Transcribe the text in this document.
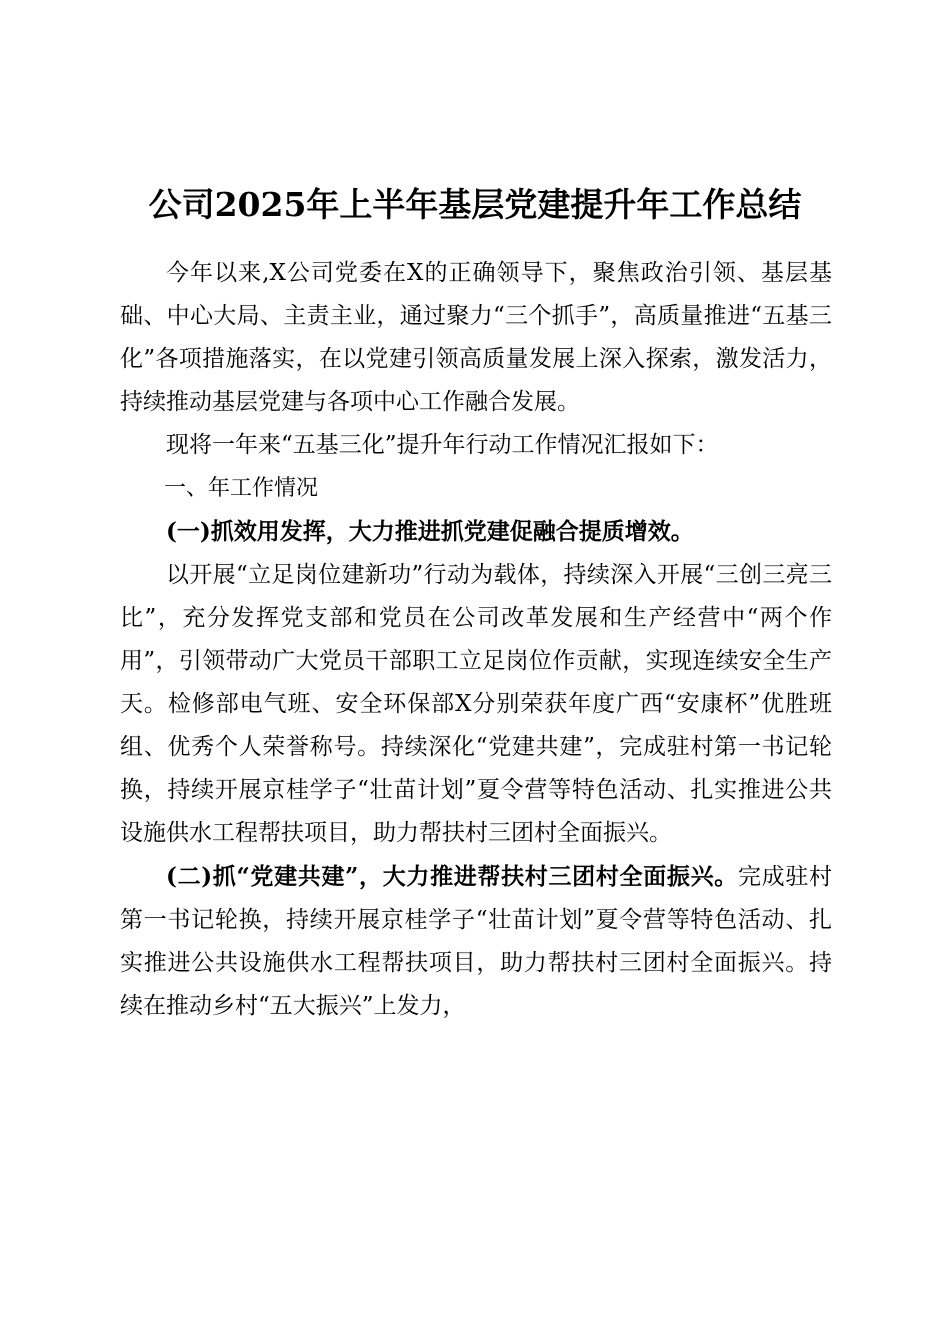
公司2025年上半年基层党建提升年工作总结

今年以来,X公司党委在X的正确领导下，聚焦政治引领、基层基础、中心大局、主责主业，通过聚力“三个抓手”，高质量推进“五基三化”各项措施落实，在以党建引领高质量发展上深入探索，激发活力，持续推动基层党建与各项中心工作融合发展。

现将一年来“五基三化”提升年行动工作情况汇报如下：

一、年工作情况

(一)抓效用发挥，大力推进抓党建促融合提质增效。

以开展“立足岗位建新功”行动为载体，持续深入开展“三创三亮三比”，充分发挥党支部和党员在公司改革发展和生产经营中“两个作用”，引领带动广大党员干部职工立足岗位作贡献，实现连续安全生产天。检修部电气班、安全环保部X分别荣获年度广西“安康杯”优胜班组、优秀个人荣誉称号。持续深化“党建共建”，完成驻村第一书记轮换，持续开展京桂学子“壮苗计划”夏令营等特色活动、扎实推进公共设施供水工程帮扶项目，助力帮扶村三团村全面振兴。

(二)抓“党建共建”，大力推进帮扶村三团村全面振兴。完成驻村第一书记轮换，持续开展京桂学子“壮苗计划”夏令营等特色活动、扎实推进公共设施供水工程帮扶项目，助力帮扶村三团村全面振兴。持续在推动乡村“五大振兴”上发力，
